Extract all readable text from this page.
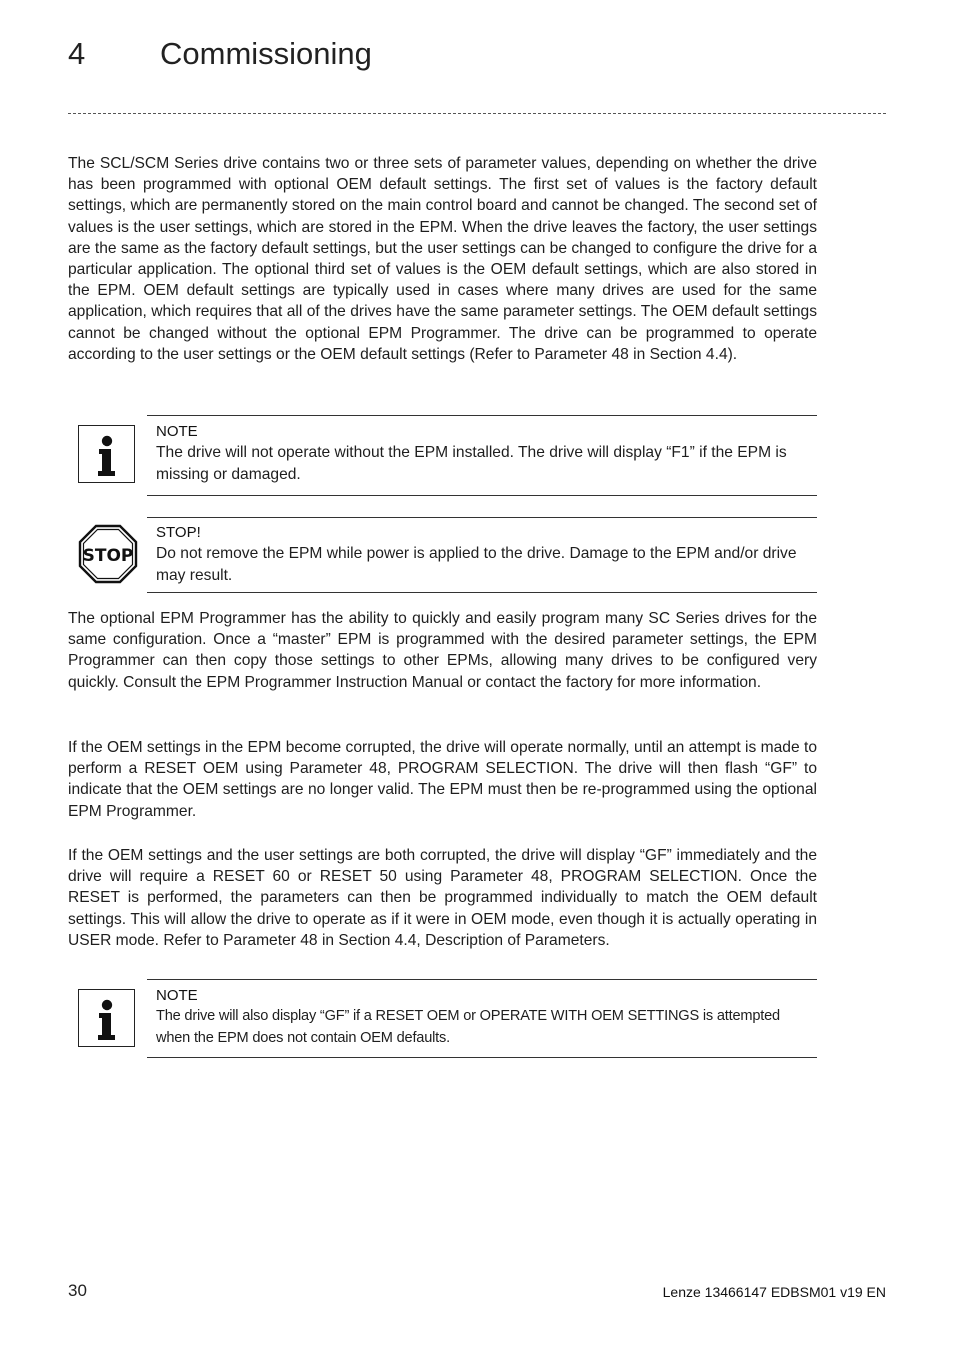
4 Commissioning

The SCL/SCM Series drive contains two or three sets of parameter values, depending on whether the drive has been programmed with optional OEM default settings. The first set of values is the factory default settings, which are permanently stored on the main control board and cannot be changed. The second set of values is the user settings, which are stored in the EPM. When the drive leaves the factory, the user settings are the same as the factory default settings, but the user settings can be changed to configure the drive for a particular application. The optional third set of values is the OEM default settings, which are also stored in the EPM. OEM default settings are typically used in cases where many drives are used for the same application, which requires that all of the drives have the same parameter settings. The OEM default settings cannot be changed without the optional EPM Programmer. The drive can be programmed to operate according to the user settings or the OEM default settings (Refer to Parameter 48 in Section 4.4).

NOTE
The drive will not operate without the EPM installed. The drive will display “F1” if the EPM is missing or damaged.
STOP
STOP!
Do not remove the EPM while power is applied to the drive. Damage to the EPM and/or drive may result.

The optional EPM Programmer has the ability to quickly and easily program many SC Series drives for the same configuration. Once a “master” EPM is programmed with the desired parameter settings, the EPM Programmer can then copy those settings to other EPMs, allowing many drives to be configured very quickly. Consult the EPM Programmer Instruction Manual or contact the factory for more information.

If the OEM settings in the EPM become corrupted, the drive will operate normally, until an attempt is made to perform a RESET OEM using Parameter 48, PROGRAM SELECTION. The drive will then flash “GF” to indicate that the OEM settings are no longer valid. The EPM must then be re-programmed using the optional EPM Programmer.

If the OEM settings and the user settings are both corrupted, the drive will display “GF” immediately and the drive will require a RESET 60 or RESET 50 using Parameter 48, PROGRAM SELECTION. Once the RESET is performed, the parameters can then be programmed individually to match the OEM default settings. This will allow the drive to operate as if it were in OEM mode, even though it is actually operating in USER mode. Refer to Parameter 48 in Section 4.4, Description of Parameters.

NOTE
The drive will also display “GF” if a RESET OEM or OPERATE WITH OEM SETTINGS is attempted when the EPM does not contain OEM defaults.
30	Lenze 13466147 EDBSM01 v19 EN
